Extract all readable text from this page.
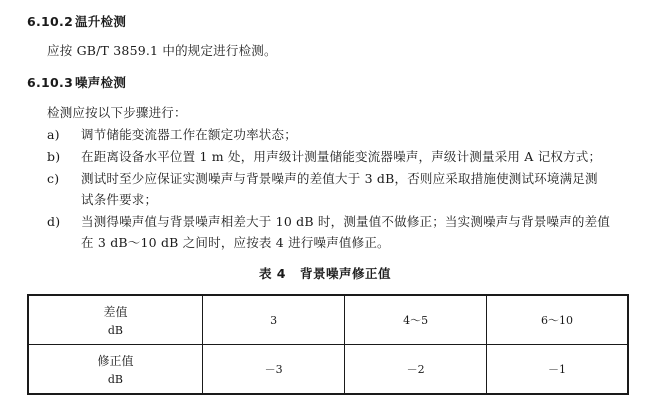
6.10.2 温升检测
应按 GB/T 3859.1 中的规定进行检测。
6.10.3 噪声检测
检测应按以下步骤进行：
a) 调节储能变流器工作在额定功率状态；
b) 在距离设备水平位置 1 m 处，用声级计测量储能变流器噪声，声级计测量采用 A 记权方式；
c) 测试时至少应保证实测噪声与背景噪声的差值大于 3 dB，否则应采取措施使测试环境满足测
试条件要求；
d) 当测得噪声值与背景噪声相差大于 10 dB 时，测量值不做修正；当实测噪声与背景噪声的差值
在 3 dB～10 dB 之间时，应按表 4 进行噪声值修正。
表 4 背景噪声修正值
差值
dB	3	4～5	6～10

修正值
dB	－3	－2	－1
